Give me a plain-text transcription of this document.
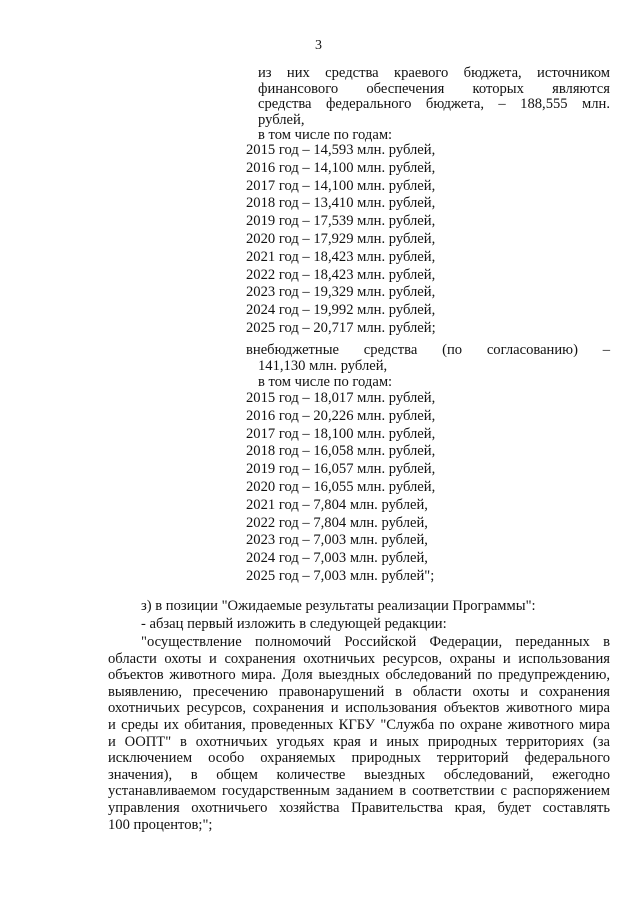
3
из них средства краевого бюджета, источником
финансового обеспечения которых являются
средства федерального бюджета, – 188,555 млн.
рублей,
в том числе по годам:
2015 год – 14,593 млн. рублей,
2016 год – 14,100 млн. рублей,
2017 год – 14,100 млн. рублей,
2018 год – 13,410 млн. рублей,
2019 год – 17,539 млн. рублей,
2020 год – 17,929 млн. рублей,
2021 год – 18,423 млн. рублей,
2022 год – 18,423 млн. рублей,
2023 год – 19,329 млн. рублей,
2024 год – 19,992 млн. рублей,
2025 год – 20,717 млн. рублей;
внебюджетные средства (по согласованию) –
141,130 млн. рублей,
в том числе по годам:
2015 год – 18,017 млн. рублей,
2016 год – 20,226 млн. рублей,
2017 год – 18,100 млн. рублей,
2018 год – 16,058 млн. рублей,
2019 год – 16,057 млн. рублей,
2020 год – 16,055 млн. рублей,
2021 год – 7,804 млн. рублей,
2022 год – 7,804 млн. рублей,
2023 год – 7,003 млн. рублей,
2024 год – 7,003 млн. рублей,
2025 год – 7,003 млн. рублей";
з) в позиции "Ожидаемые результаты реализации Программы":
- абзац первый изложить в следующей редакции:
"осуществление полномочий Российской Федерации, переданных в
области охоты и сохранения охотничьих ресурсов, охраны и использования
объектов животного мира. Доля выездных обследований по предупреждению,
выявлению, пресечению правонарушений в области охоты и сохранения
охотничьих ресурсов, сохранения и использования объектов животного мира
и среды их обитания, проведенных КГБУ "Служба по охране животного мира
и ООПТ" в охотничьих угодьях края и иных природных территориях (за
исключением особо охраняемых природных территорий федерального
значения), в общем количестве выездных обследований, ежегодно
устанавливаемом государственным заданием в соответствии с распоряжением
управления охотничьего хозяйства Правительства края, будет составлять
100 процентов;";
